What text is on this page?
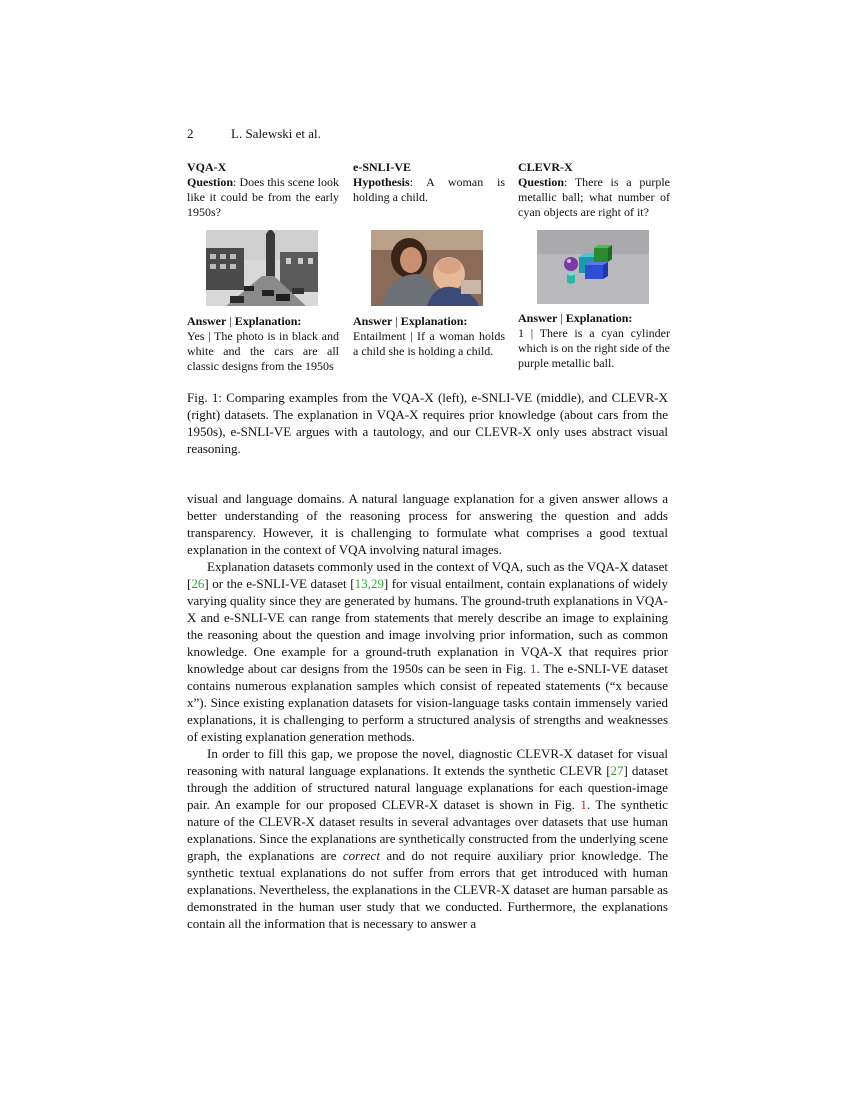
2	L. Salewski et al.
VQA-X
Question: Does this scene look like it could be from the early 1950s?
Answer | Explanation:
Yes | The photo is in black and white and the cars are all classic designs from the 1950s
e-SNLI-VE
Hypothesis: A woman is holding a child.
Answer | Explanation:
Entailment | If a woman holds a child she is holding a child.
CLEVR-X
Question: There is a purple metallic ball; what number of cyan objects are right of it?
Answer | Explanation:
1 | There is a cyan cylinder which is on the right side of the purple metallic ball.
Fig. 1: Comparing examples from the VQA-X (left), e-SNLI-VE (middle), and CLEVR-X (right) datasets. The explanation in VQA-X requires prior knowledge (about cars from the 1950s), e-SNLI-VE argues with a tautology, and our CLEVR-X only uses abstract visual reasoning.

visual and language domains. A natural language explanation for a given answer allows a better understanding of the reasoning process for answering the question and adds transparency. However, it is challenging to formulate what comprises a good textual explanation in the context of VQA involving natural images.

Explanation datasets commonly used in the context of VQA, such as the VQA-X dataset [26] or the e-SNLI-VE dataset [13,29] for visual entailment, contain explanations of widely varying quality since they are generated by humans. The ground-truth explanations in VQA-X and e-SNLI-VE can range from statements that merely describe an image to explaining the reasoning about the question and image involving prior information, such as common knowledge. One example for a ground-truth explanation in VQA-X that requires prior knowledge about car designs from the 1950s can be seen in Fig. 1. The e-SNLI-VE dataset contains numerous explanation samples which consist of repeated statements (“x because x”). Since existing explanation datasets for vision-language tasks contain immensely varied explanations, it is challenging to perform a structured analysis of strengths and weaknesses of existing explanation generation methods.

In order to fill this gap, we propose the novel, diagnostic CLEVR-X dataset for visual reasoning with natural language explanations. It extends the synthetic CLEVR [27] dataset through the addition of structured natural language explanations for each question-image pair. An example for our proposed CLEVR-X dataset is shown in Fig. 1. The synthetic nature of the CLEVR-X dataset results in several advantages over datasets that use human explanations. Since the explanations are synthetically constructed from the underlying scene graph, the explanations are correct and do not require auxiliary prior knowledge. The synthetic textual explanations do not suffer from errors that get introduced with human explanations. Nevertheless, the explanations in the CLEVR-X dataset are human parsable as demonstrated in the human user study that we conducted. Furthermore, the explanations contain all the information that is necessary to answer a
